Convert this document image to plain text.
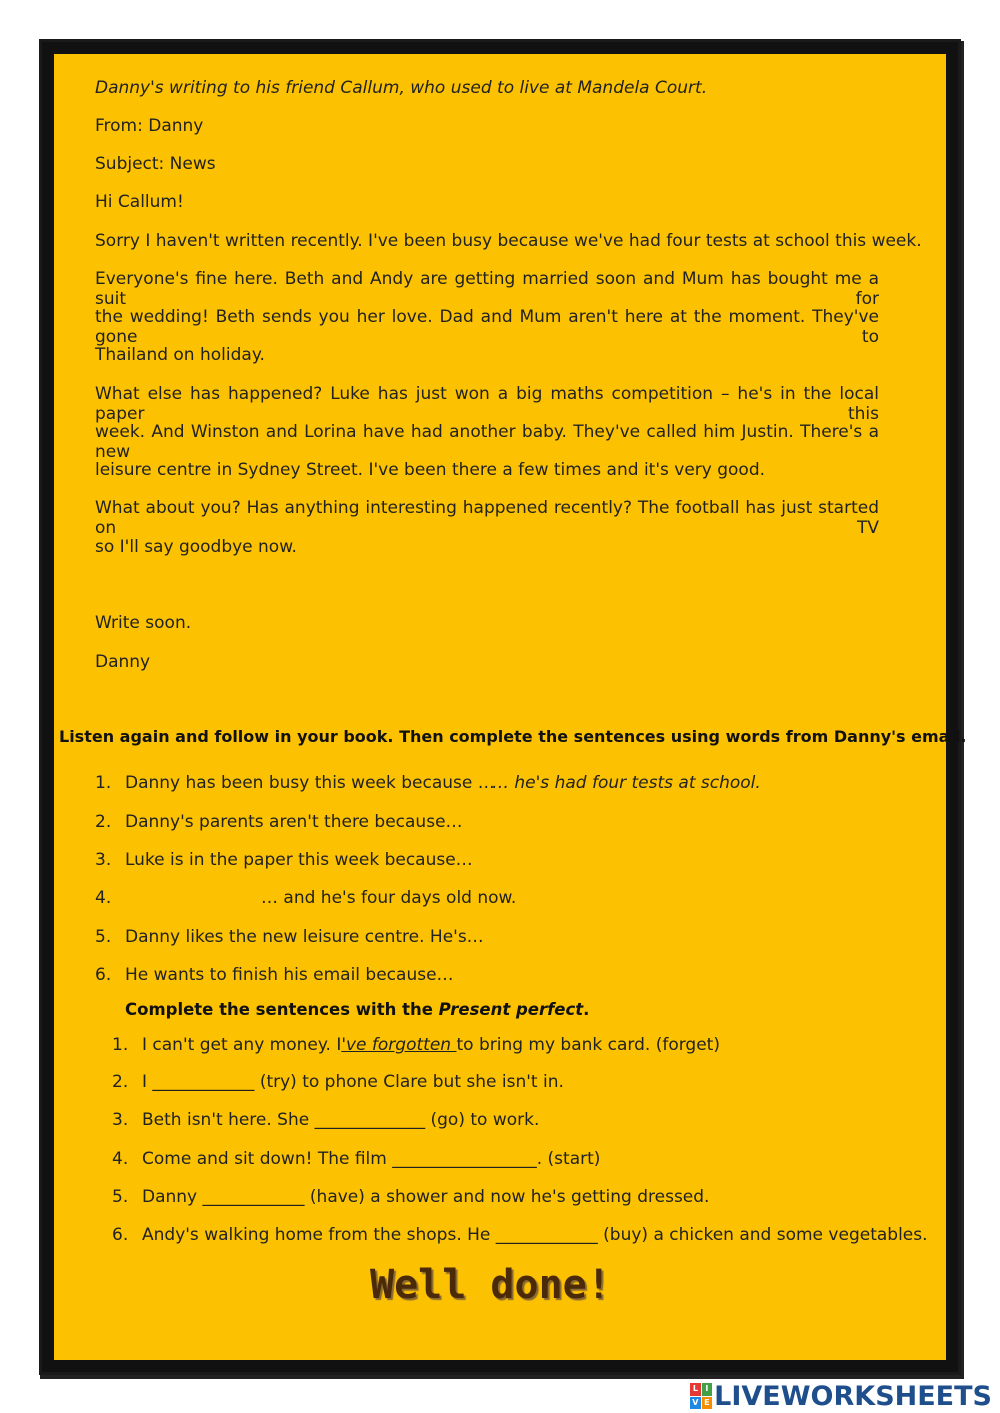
Danny's writing to his friend Callum, who used to live at Mandela Court.
From: Danny
Subject: News
Hi Callum!
Sorry I haven't written recently. I've been busy because we've had four tests at school this week.
Everyone's fine here. Beth and Andy are getting married soon and Mum has bought me a suit for
the wedding! Beth sends you her love. Dad and Mum aren't here at the moment. They've gone to
Thailand on holiday.
What else has happened? Luke has just won a big maths competition – he's in the local paper this
week. And Winston and Lorina have had another baby. They've called him Justin. There's a new
leisure centre in Sydney Street. I've been there a few times and it's very good.
What about you? Has anything interesting happened recently? The football has just started on TV
so I'll say goodbye now.
Write soon.
Danny
Listen again and follow in your book. Then complete the sentences using words from Danny's email.
1. Danny has been busy this week because …
… he's had four tests at school.
2. Danny's parents aren't there because…
3. Luke is in the paper this week because…
4.	… and he's four days old now.
5. Danny likes the new leisure centre. He's…
6. He wants to finish his email because…
Complete the sentences with the Present perfect.
1. I can't get any money. I've forgotten to bring my bank card. (forget)
2. I ____________ (try) to phone Clare but she isn't in.
3. Beth isn't here. She _____________ (go) to work.
4. Come and sit down! The film _________________. (start)
5. Danny ____________ (have) a shower and now he's getting dressed.
6. Andy's walking home from the shops. He ____________ (buy) a chicken and some vegetables.
Well done!
L I
V E LIVEWORKSHEETS
